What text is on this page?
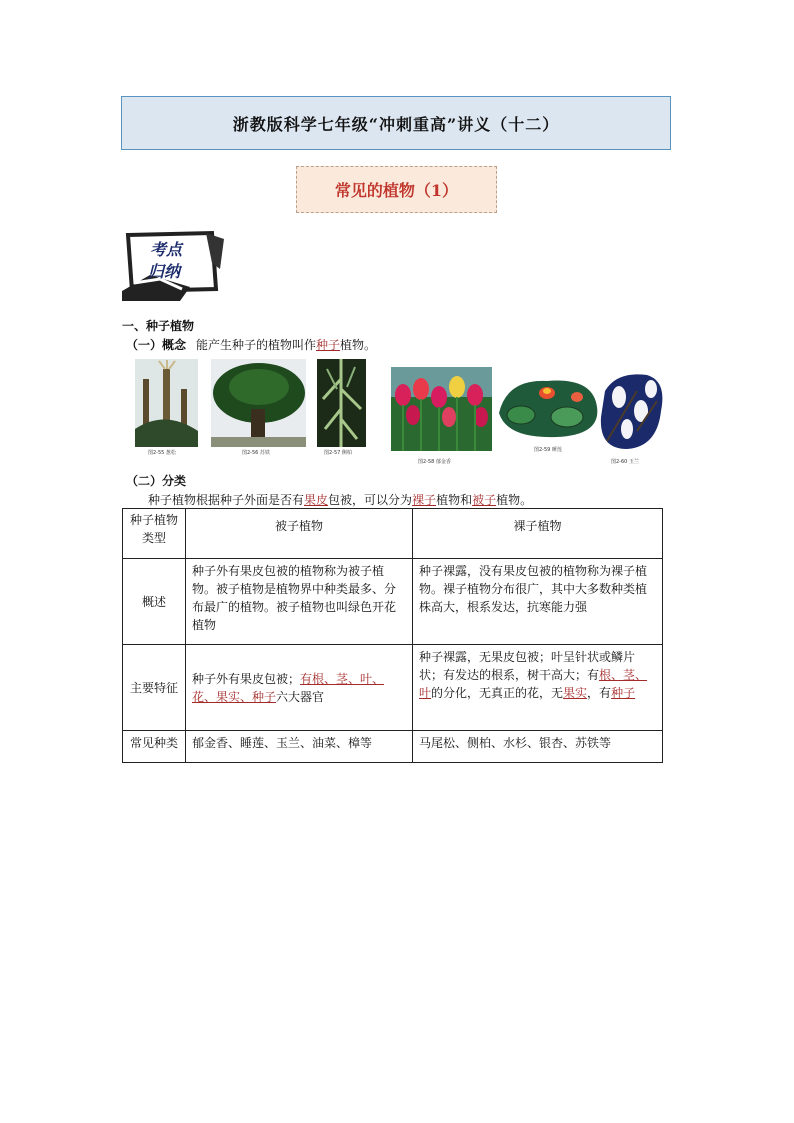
浙教版科学七年级“冲刺重高”讲义（十二）
常见的植物（1）
考点
归纳
一、种子植物
（一）概念 能产生种子的植物叫作种子植物。
图2-55 葱松	图2-56 苏铁	图2-57 侧柏
图2-58 郁金香
图2-59 睡莲
图2-60 玉兰
（二）分类
种子植物根据种子外面是否有果皮包被，可以分为裸子植物和被子植物。
种子植物类型	被子植物	裸子植物
概述	种子外有果皮包被的植物称为被子植物。被子植物是植物界中种类最多、分布最广的植物。被子植物也叫绿色开花植物	种子裸露，没有果皮包被的植物称为裸子植物。裸子植物分布很广，其中大多数种类植株高大，根系发达，抗寒能力强
主要特征	种子外有果皮包被；有根、茎、叶、花、果实、种子六大器官	种子裸露，无果皮包被；叶呈针状或鳞片状；有发达的根系，树干高大；有根、茎、叶的分化，无真正的花，无果实，有种子
常见种类	郁金香、睡莲、玉兰、油菜、樟等	马尾松、侧柏、水杉、银杏、苏铁等
